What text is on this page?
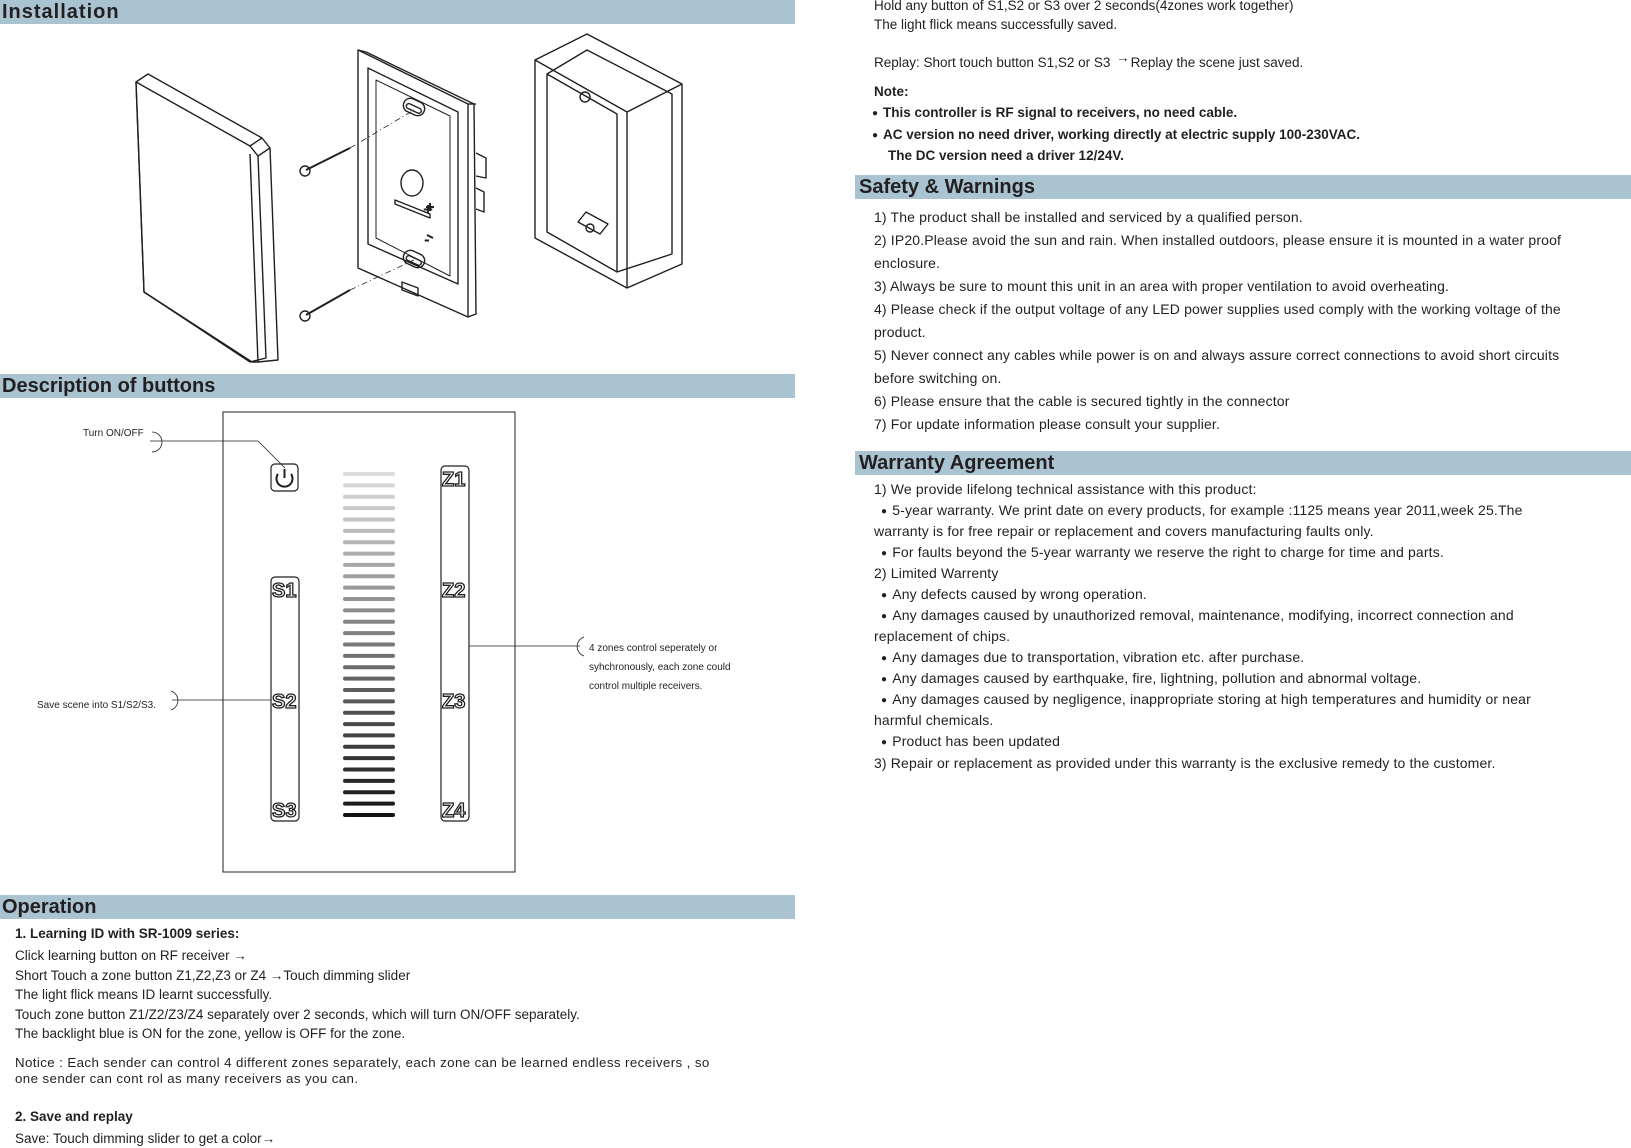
Installation
Description of buttons
S1
S2
S3
Z1
Z2
Z3
Z4
+
-
Turn ON/OFF
Save scene into S1/S2/S3.
4 zones control seperately or
syhchronously, each zone could
control multiple receivers.
Operation
1. Learning ID with SR-1009 series:
Click learning button on RF receiver →
Short Touch a zone button Z1,Z2,Z3 or Z4 →Touch dimming slider
The light flick means ID learnt successfully.
Touch zone button Z1/Z2/Z3/Z4 separately over 2 seconds, which will turn ON/OFF separately.
The backlight blue is ON for the zone, yellow is OFF for the zone.
Notice : Each sender can control 4 different zones separately, each zone can be learned endless receivers , so
one sender can cont rol as many receivers as you can.
2. Save and replay
Save: Touch dimming slider to get a color→
Hold any button of S1,S2 or S3 over 2 seconds(4zones work together)
The light flick means successfully saved.
Replay: Short touch button S1,S2 or S3 →Replay the scene just saved.
Note:
● This controller is RF signal to receivers, no need cable.
● AC version no need driver, working directly at electric supply 100-230VAC.
The DC version need a driver 12/24V.
Safety & Warnings
1) The product shall be installed and serviced by a qualified person.
2) IP20.Please avoid the sun and rain. When installed outdoors, please ensure it is mounted in a water proof
enclosure.
3) Always be sure to mount this unit in an area with proper ventilation to avoid overheating.
4) Please check if the output voltage of any LED power supplies used comply with the working voltage of the
product.
5) Never connect any cables while power is on and always assure correct connections to avoid short circuits
before switching on.
6) Please ensure that the cable is secured tightly in the connector
7) For update information please consult your supplier.
Warranty Agreement
1) We provide lifelong technical assistance with this product:
● 5-year warranty. We print date on every products, for example :1125 means year 2011,week 25.The
warranty is for free repair or replacement and covers manufacturing faults only.
● For faults beyond the 5-year warranty we reserve the right to charge for time and parts.
2) Limited Warrenty
● Any defects caused by wrong operation.
● Any damages caused by unauthorized removal, maintenance, modifying, incorrect connection and
replacement of chips.
● Any damages due to transportation, vibration etc. after purchase.
● Any damages caused by earthquake, fire, lightning, pollution and abnormal voltage.
● Any damages caused by negligence, inappropriate storing at high temperatures and humidity or near
harmful chemicals.
● Product has been updated
3) Repair or replacement as provided under this warranty is the exclusive remedy to the customer.
